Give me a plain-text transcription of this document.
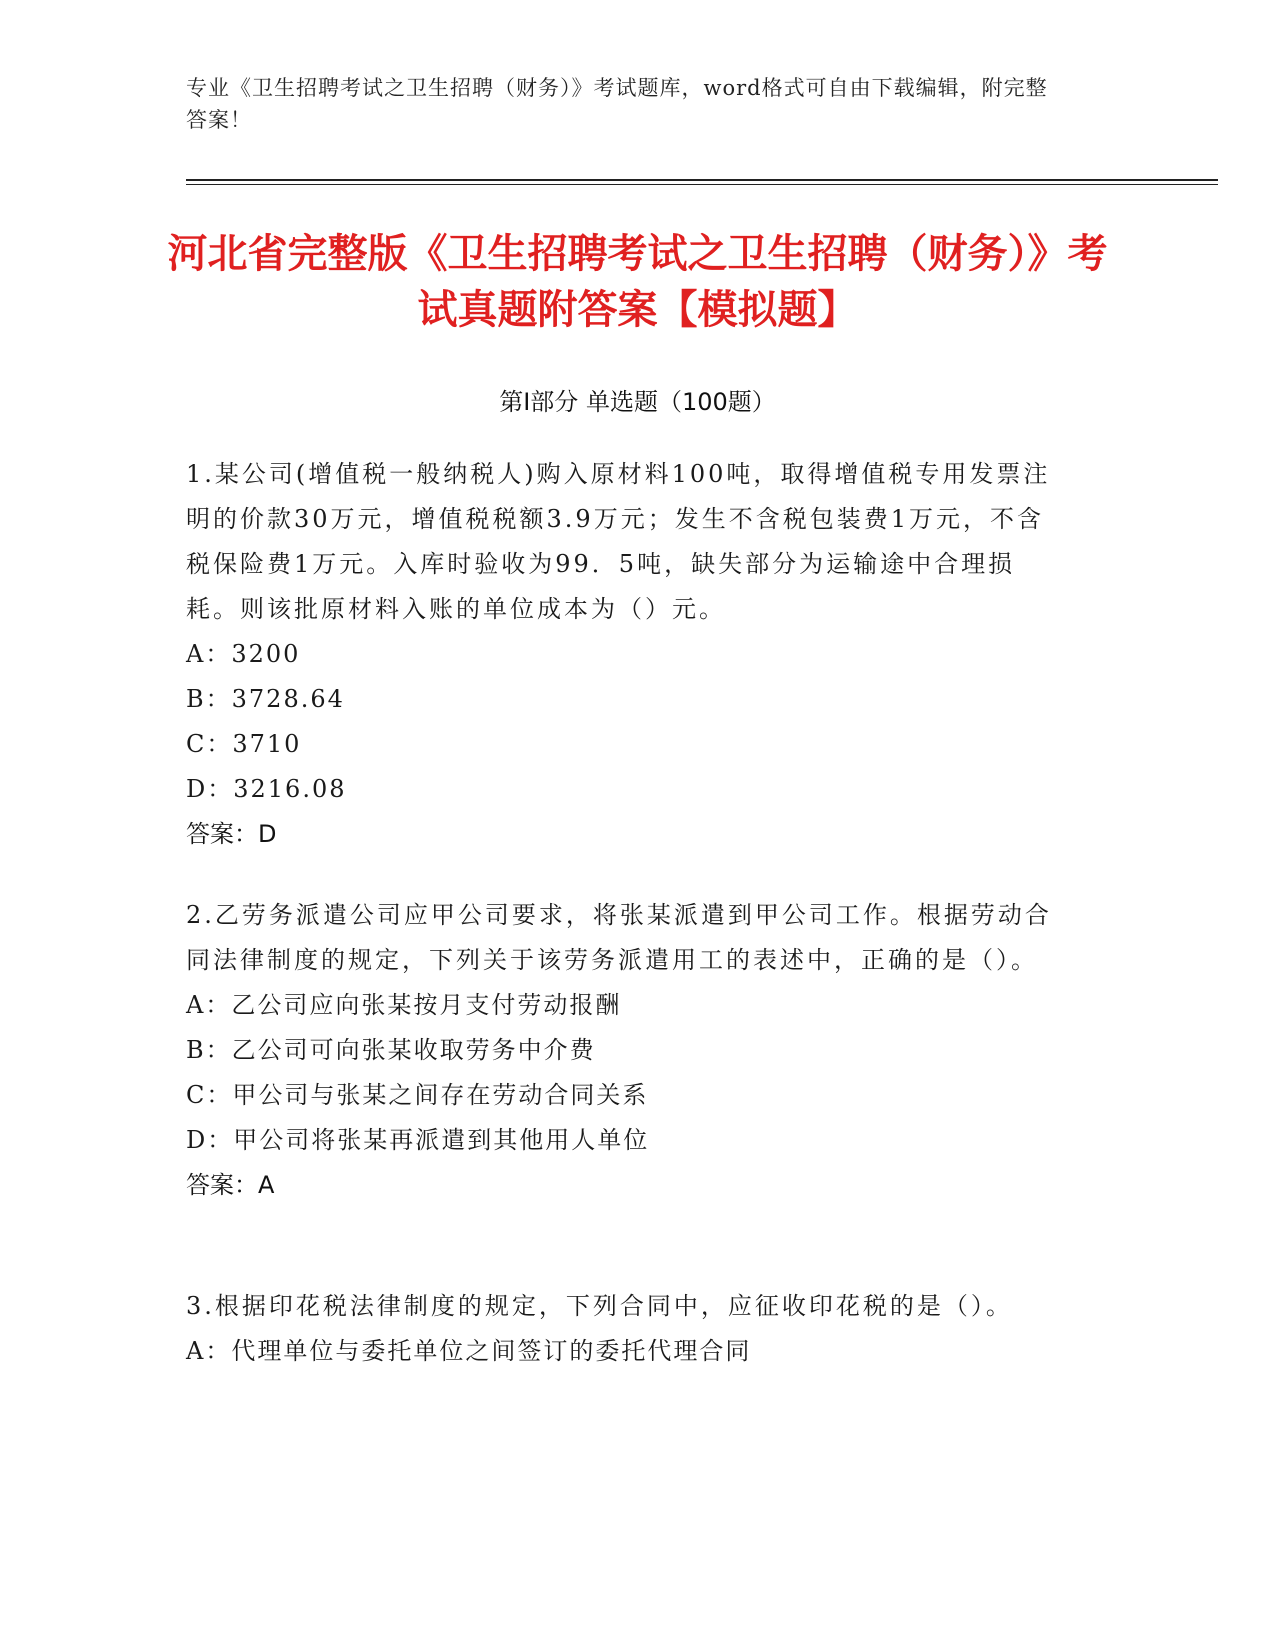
专业《卫生招聘考试之卫生招聘（财务）》考试题库，word格式可自由下载编辑，附完整答案！
河北省完整版《卫生招聘考试之卫生招聘（财务）》考试真题附答案【模拟题】
第I部分 单选题（100题）
1.某公司(增值税一般纳税人)购入原材料100吨，取得增值税专用发票注明的价款30万元，增值税税额3.9万元；发生不含税包装费1万元，不含税保险费1万元。入库时验收为99．5吨，缺失部分为运输途中合理损耗。则该批原材料入账的单位成本为（）元。
A：3200
B：3728.64
C：3710
D：3216.08
答案：D
2.乙劳务派遣公司应甲公司要求，将张某派遣到甲公司工作。根据劳动合同法律制度的规定，下列关于该劳务派遣用工的表述中，正确的是（）。
A：乙公司应向张某按月支付劳动报酬
B：乙公司可向张某收取劳务中介费
C：甲公司与张某之间存在劳动合同关系
D：甲公司将张某再派遣到其他用人单位
答案：A
3.根据印花税法律制度的规定，下列合同中，应征收印花税的是（）。
A：代理单位与委托单位之间签订的委托代理合同
